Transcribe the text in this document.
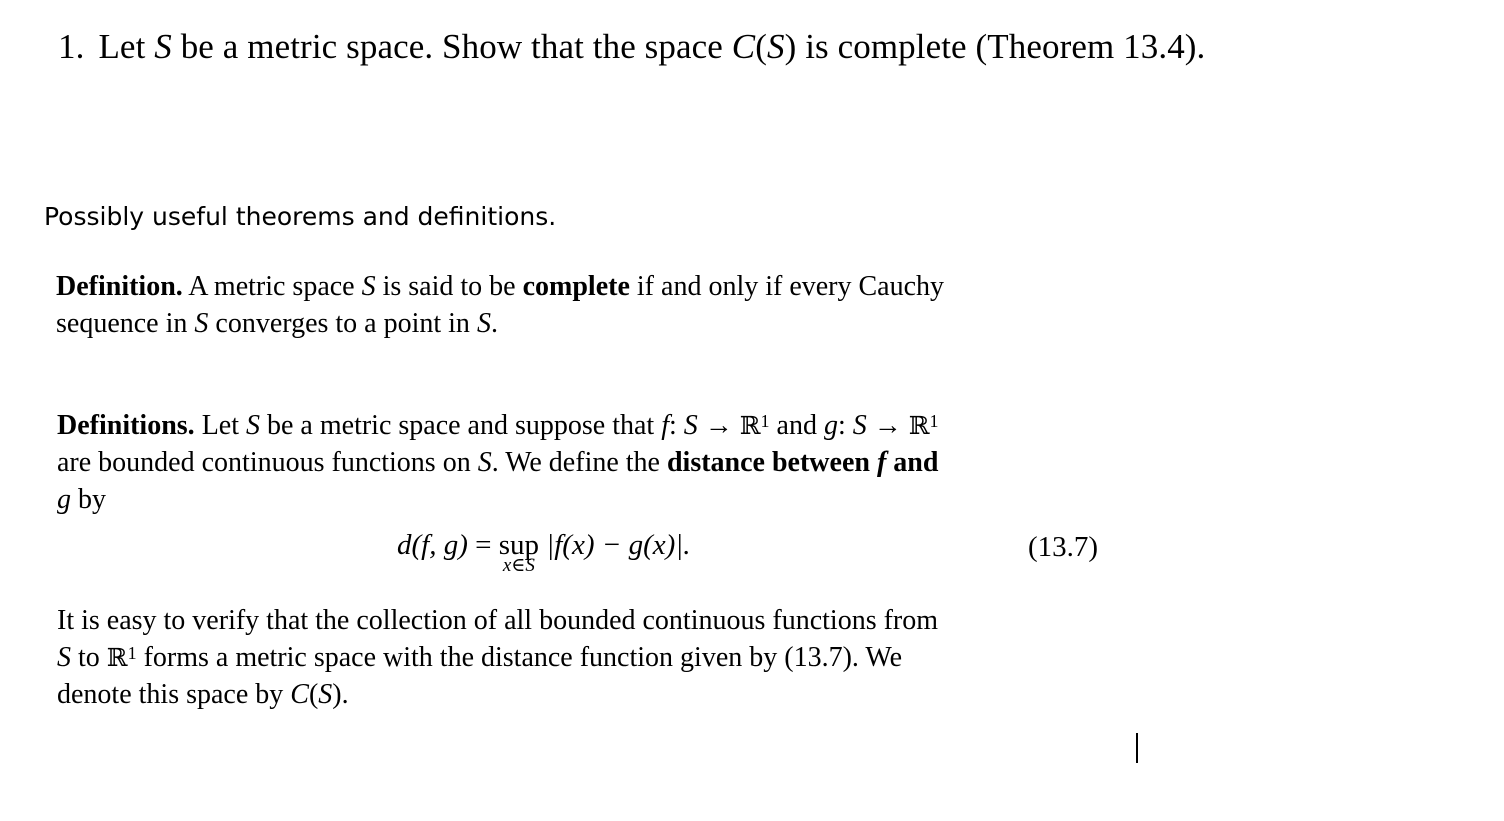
1. Let S be a metric space. Show that the space C(S) is complete (Theorem 13.4).
Possibly useful theorems and definitions.
Definition. A metric space S is said to be complete if and only if every Cauchy
sequence in S converges to a point in S.
Definitions. Let S be a metric space and suppose that f: S → ℝ$^1$ and g: S → ℝ$^1$
are bounded continuous functions on S. We define the distance between f and
g by
d(f, g) = sup
x∈S
|f(x) − g(x)|.	(13.7)
It is easy to verify that the collection of all bounded continuous functions from
S to ℝ$^1$ forms a metric space with the distance function given by (13.7). We
denote this space by C(S).
